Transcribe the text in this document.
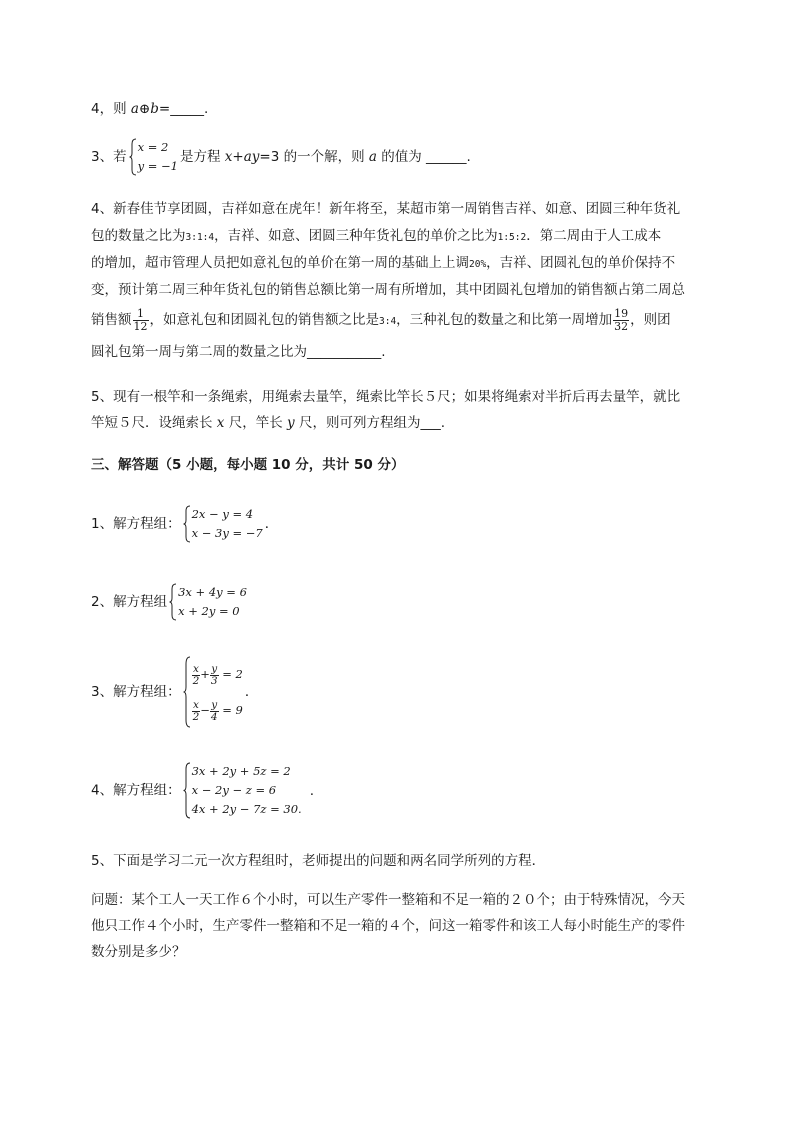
4，则 a⊕b=_____.
3、若
x = 2
y = −1
是方程 x+ay=3 的一个解，则 a 的值为 ______.
4、新春佳节享团圆，吉祥如意在虎年！新年将至，某超市第一周销售吉祥、如意、团圆三种年货礼
包的数量之比为3:1:4，吉祥、如意、团圆三种年货礼包的单价之比为1:5:2．第二周由于人工成本
的增加，超市管理人员把如意礼包的单价在第一周的基础上上调20%，吉祥、团圆礼包的单价保持不
变，预计第二周三种年货礼包的销售总额比第一周有所增加，其中团圆礼包增加的销售额占第二周总
销售额 $\frac{1}{12}$ ，如意礼包和团圆礼包的销售额之比是3:4，三种礼包的数量之和比第一周增加 $\frac{19}{32}$ ，则团
圆礼包第一周与第二周的数量之比为___________.
5、现有一根竿和一条绳索，用绳索去量竿，绳索比竿长５尺；如果将绳索对半折后再去量竿，就比
竿短５尺．设绳索长 x 尺，竿长 y 尺，则可列方程组为___.
三、解答题（5 小题，每小题 10 分，共计 50 分）
1、解方程组：
2x − y = 4
x − 3y = −7
．
2、解方程组
3x + 4y = 6
x + 2y = 0
3、解方程组：
$\frac{x}{2} + \frac{y}{3} = 2$
$\frac{x}{2} - \frac{y}{4} = 9$
．
4、解方程组：
3x + 2y + 5z = 2
x − 2y − z = 6
4x + 2y − 7z = 30.
.
5、下面是学习二元一次方程组时，老师提出的问题和两名同学所列的方程．
问题：某个工人一天工作６个小时，可以生产零件一整箱和不足一箱的２０个；由于特殊情况，今天
他只工作４个小时，生产零件一整箱和不足一箱的４个，问这一箱零件和该工人每小时能生产的零件
数分别是多少？
